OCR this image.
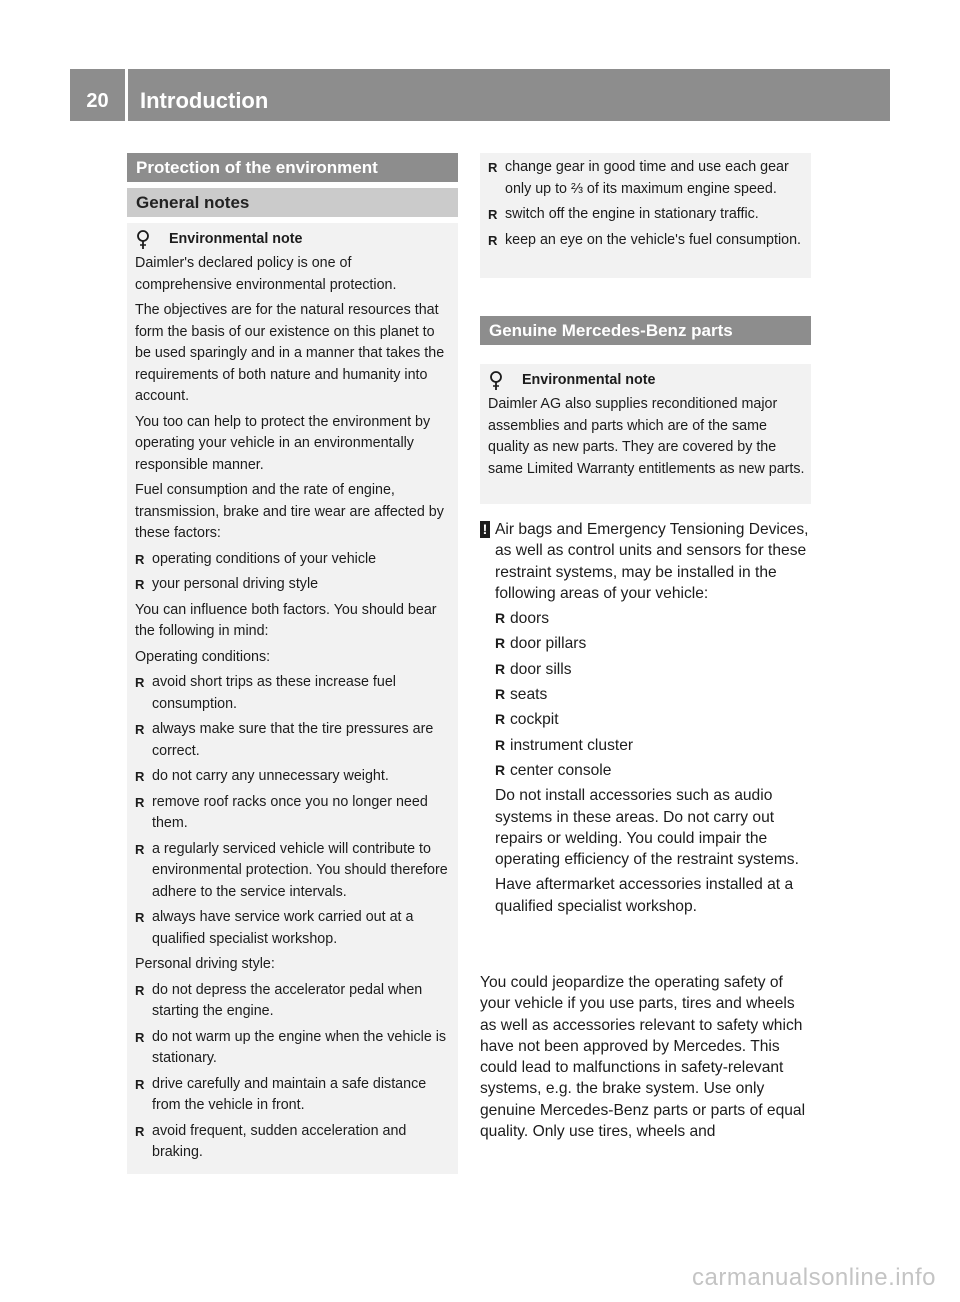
20	Introduction
Protection of the environment
General notes
Environmental note

Daimler's declared policy is one of comprehensive environmental protection.

The objectives are for the natural resources that form the basis of our existence on this planet to be used sparingly and in a manner that takes the requirements of both nature and humanity into account.

You too can help to protect the environment by operating your vehicle in an environmentally responsible manner.

Fuel consumption and the rate of engine, transmission, brake and tire wear are affected by these factors:

R operating conditions of your vehicle
R your personal driving style

You can influence both factors. You should bear the following in mind:

Operating conditions:

R avoid short trips as these increase fuel consumption.
R always make sure that the tire pressures are correct.
R do not carry any unnecessary weight.
R remove roof racks once you no longer need them.
R a regularly serviced vehicle will contribute to environmental protection. You should therefore adhere to the service intervals.
R always have service work carried out at a qualified specialist workshop.

Personal driving style:

R do not depress the accelerator pedal when starting the engine.
R do not warm up the engine when the vehicle is stationary.
R drive carefully and maintain a safe distance from the vehicle in front.
R avoid frequent, sudden acceleration and braking.
R change gear in good time and use each gear only up to ⅔ of its maximum engine speed.
R switch off the engine in stationary traffic.
R keep an eye on the vehicle's fuel consumption.
Genuine Mercedes-Benz parts
Environmental note

Daimler AG also supplies reconditioned major assemblies and parts which are of the same quality as new parts. They are covered by the same Limited Warranty entitlements as new parts.

! Air bags and Emergency Tensioning Devices, as well as control units and sensors for these restraint systems, may be installed in the following areas of your vehicle:

R doors
R door pillars
R door sills
R seats
R cockpit
R instrument cluster
R center console

Do not install accessories such as audio systems in these areas. Do not carry out repairs or welding. You could impair the operating efficiency of the restraint systems.

Have aftermarket accessories installed at a qualified specialist workshop.

You could jeopardize the operating safety of your vehicle if you use parts, tires and wheels as well as accessories relevant to safety which have not been approved by Mercedes. This could lead to malfunctions in safety-relevant systems, e.g. the brake system. Use only genuine Mercedes-Benz parts or parts of equal quality. Only use tires, wheels and

carmanualsonline.info
